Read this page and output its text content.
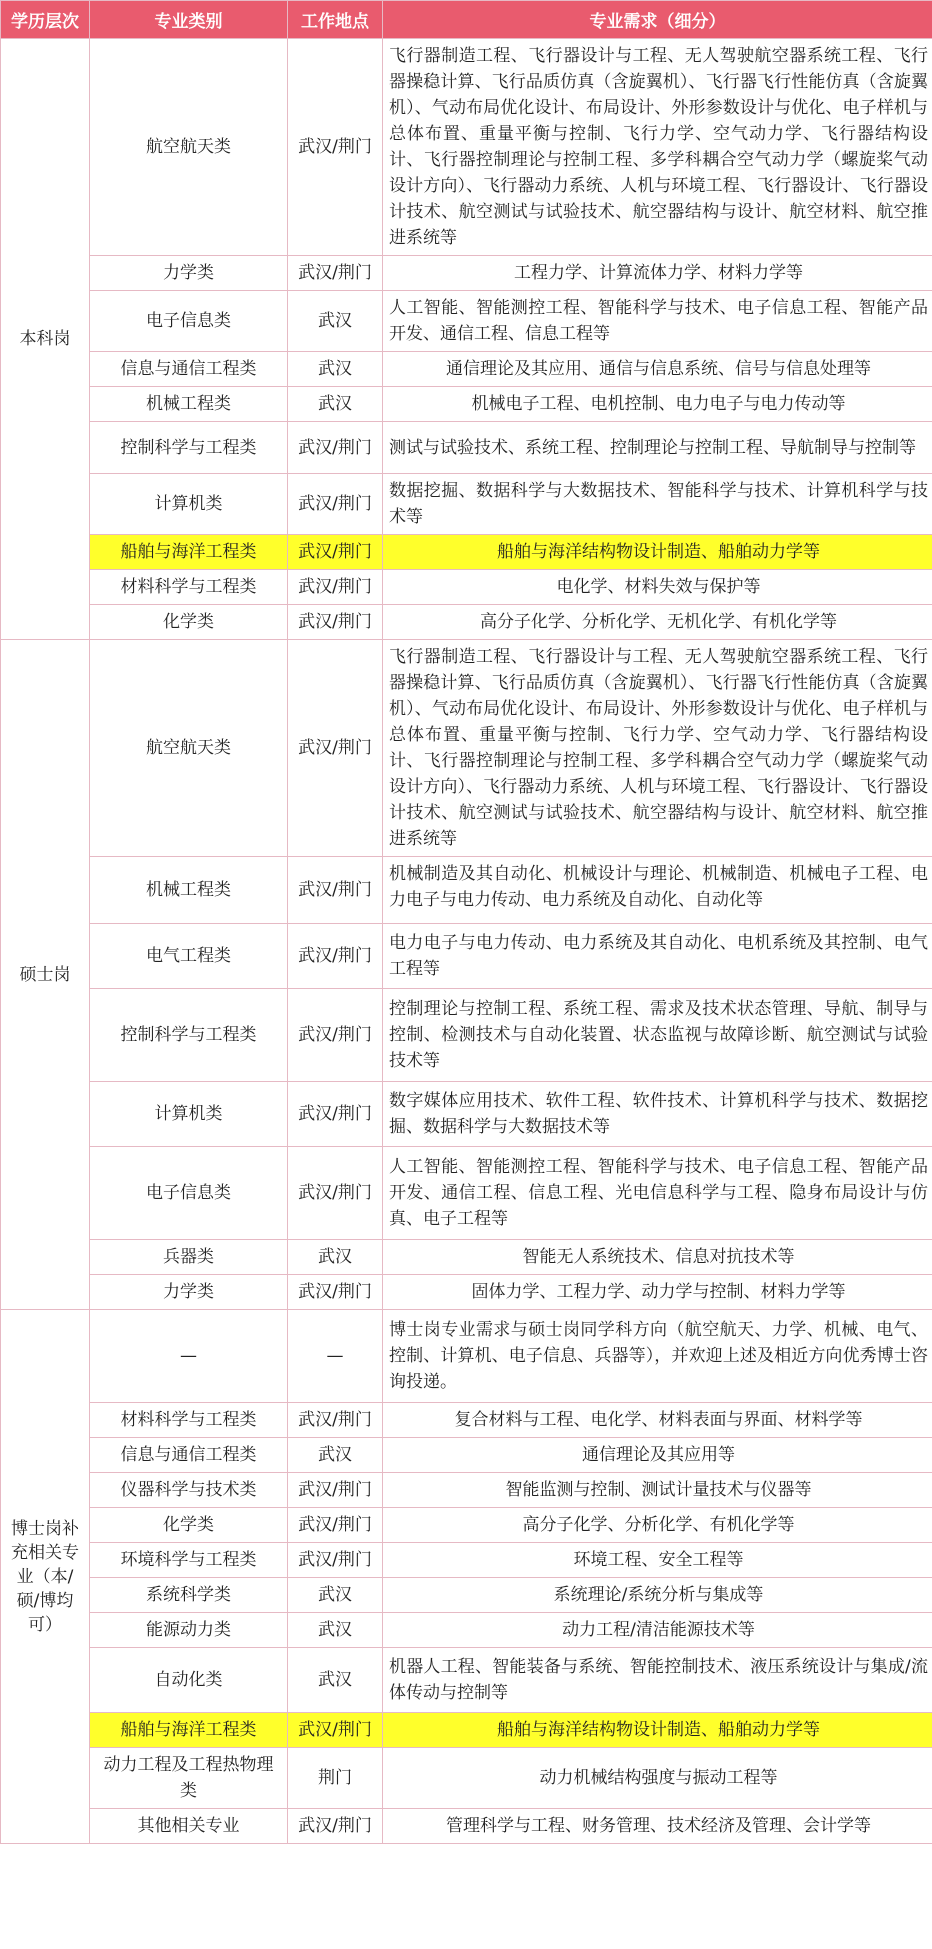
学历层次	专业类别	工作地点	专业需求（细分）
本科岗	航空航天类	武汉/荆门	飞行器制造工程、飞行器设计与工程、无人驾驶航空器系统工程、飞行器操稳计算、飞行品质仿真（含旋翼机）、飞行器飞行性能仿真（含旋翼机）、气动布局优化设计、布局设计、外形参数设计与优化、电子样机与总体布置、重量平衡与控制、飞行力学、空气动力学、飞行器结构设计、飞行器控制理论与控制工程、多学科耦合空气动力学（螺旋桨气动设计方向）、飞行器动力系统、人机与环境工程、飞行器设计、飞行器设计技术、航空测试与试验技术、航空器结构与设计、航空材料、航空推进系统等
	力学类	武汉/荆门	工程力学、计算流体力学、材料力学等
	电子信息类	武汉	人工智能、智能测控工程、智能科学与技术、电子信息工程、智能产品开发、通信工程、信息工程等
	信息与通信工程类	武汉	通信理论及其应用、通信与信息系统、信号与信息处理等
	机械工程类	武汉	机械电子工程、电机控制、电力电子与电力传动等
	控制科学与工程类	武汉/荆门	测试与试验技术、系统工程、控制理论与控制工程、导航制导与控制等
	计算机类	武汉/荆门	数据挖掘、数据科学与大数据技术、智能科学与技术、计算机科学与技术等
	船舶与海洋工程类	武汉/荆门	船舶与海洋结构物设计制造、船舶动力学等
	材料科学与工程类	武汉/荆门	电化学、材料失效与保护等
	化学类	武汉/荆门	高分子化学、分析化学、无机化学、有机化学等
硕士岗	航空航天类	武汉/荆门	飞行器制造工程、飞行器设计与工程、无人驾驶航空器系统工程、飞行器操稳计算、飞行品质仿真（含旋翼机）、飞行器飞行性能仿真（含旋翼机）、气动布局优化设计、布局设计、外形参数设计与优化、电子样机与总体布置、重量平衡与控制、飞行力学、空气动力学、飞行器结构设计、飞行器控制理论与控制工程、多学科耦合空气动力学（螺旋桨气动设计方向）、飞行器动力系统、人机与环境工程、飞行器设计、飞行器设计技术、航空测试与试验技术、航空器结构与设计、航空材料、航空推进系统等
	机械工程类	武汉/荆门	机械制造及其自动化、机械设计与理论、机械制造、机械电子工程、电力电子与电力传动、电力系统及自动化、自动化等

	电气工程类	武汉/荆门	电力电子与电力传动、电力系统及其自动化、电机系统及其控制、电气工程等
	控制科学与工程类	武汉/荆门	控制理论与控制工程、系统工程、需求及技术状态管理、导航、制导与控制、检测技术与自动化装置、状态监视与故障诊断、航空测试与试验技术等
	计算机类	武汉/荆门	数字媒体应用技术、软件工程、软件技术、计算机科学与技术、数据挖掘、数据科学与大数据技术等
	电子信息类	武汉/荆门	人工智能、智能测控工程、智能科学与技术、电子信息工程、智能产品开发、通信工程、信息工程、光电信息科学与工程、隐身布局设计与仿真、电子工程等
	兵器类	武汉	智能无人系统技术、信息对抗技术等
	力学类	武汉/荆门	固体力学、工程力学、动力学与控制、材料力学等
博士岗补充相关专业（本/硕/博均可）	—	—	博士岗专业需求与硕士岗同学科方向（航空航天、力学、机械、电气、控制、计算机、电子信息、兵器等），并欢迎上述及相近方向优秀博士咨询投递。
	材料科学与工程类	武汉/荆门	复合材料与工程、电化学、材料表面与界面、材料学等
	信息与通信工程类	武汉	通信理论及其应用等
	仪器科学与技术类	武汉/荆门	智能监测与控制、测试计量技术与仪器等
	化学类	武汉/荆门	高分子化学、分析化学、有机化学等
	环境科学与工程类	武汉/荆门	环境工程、安全工程等
	系统科学类	武汉	系统理论/系统分析与集成等
	能源动力类	武汉	动力工程/清洁能源技术等
	自动化类	武汉	机器人工程、智能装备与系统、智能控制技术、液压系统设计与集成/流体传动与控制等
	船舶与海洋工程类	武汉/荆门	船舶与海洋结构物设计制造、船舶动力学等
	动力工程及工程热物理类	荆门	动力机械结构强度与振动工程等
	其他相关专业	武汉/荆门	管理科学与工程、财务管理、技术经济及管理、会计学等
